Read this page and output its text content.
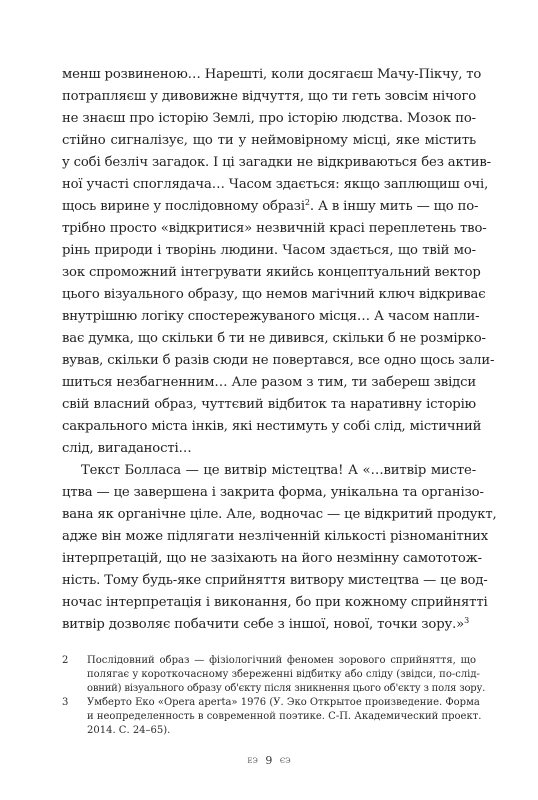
менш розвиненою… Нарешті, коли досягаєш Мачу-Пікчу, то
потрапляєш у дивовижне відчуття, що ти геть зовсім нічого
не знаєш про історію Землі, про історію людства. Мозок по-
стійно сигналізує, що ти у неймовірному місці, яке містить
у собі безліч загадок. І ці загадки не відкриваються без актив-
ної участі споглядача… Часом здається: якщо заплющиш очі,
щось вирине у послідовному образі$^2$. А в іншу мить — що по-
трібно просто «відкритися» незвичній красі переплетень тво-
рінь природи і творінь людини. Часом здається, що твій мо-
зок спроможний інтегрувати якийсь концептуальний вектор
цього візуального образу, що немов магічний ключ відкриває
внутрішню логіку спостережуваного місця… А часом напли-
ває думка, що скільки б ти не дивився, скільки б не розмірко-
вував, скільки б разів сюди не повертався, все одно щось зали-
шиться незбагненним… Але разом з тим, ти забереш звідси
свій власний образ, чуттєвий відбиток та наративну історію
сакрального міста інків, які нестимуть у собі слід, містичний
слід, вигаданості…
Текст Болласа — це витвір містецтва! А «…витвір мисте-
цтва — це завершена і закрита форма, унікальна та організо-
вана як органічне ціле. Але, водночас — це відкритий продукт,
адже він може підлягати незліченній кількості різноманітних
інтерпретацій, що не зазіхають на його незмінну самототож-
ність. Тому будь-яке сприйняття витвору мистецтва — це вод-
ночас інтерпретація і виконання, бо при кожному сприйнятті
витвір дозволяє побачити себе з іншої, нової, точки зору.»$^3$
2	Послідовний образ — фізіологічний феномен зорового сприйняття, що
полягає у короткочасному збереженні відбитку або сліду (звідси, по-слід-
овний) візуального образу об'єкту після зникнення цього об'єкту з поля зору.
3	Умберто Еко «Opera aperta» 1976 (У. Эко Открытое произведение. Форма
и неопределенность в современной поэтике. С-П. Академический проект.
2014. С. 24–65).
ЕЭ 9 ЄЭ
